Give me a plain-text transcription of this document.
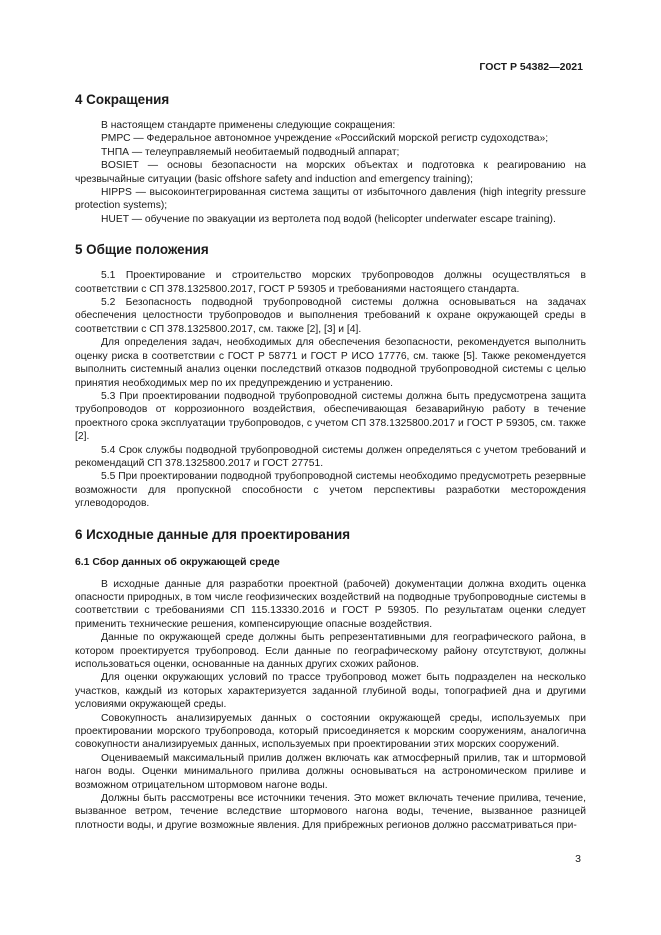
ГОСТ Р 54382—2021
4 Сокращения

В настоящем стандарте применены следующие сокращения:

РМРС — Федеральное автономное учреждение «Российский морской регистр судоходства»;

ТНПА — телеуправляемый необитаемый подводный аппарат;

BOSIET — основы безопасности на морских объектах и подготовка к реагированию на чрезвычайные ситуации (basic offshore safety and induction and emergency training);

HIPPS — высокоинтегрированная система защиты от избыточного давления (high integrity pressure protection systems);

HUET — обучение по эвакуации из вертолета под водой (helicopter underwater escape training).

5 Общие положения

5.1 Проектирование и строительство морских трубопроводов должны осуществляться в соответствии с СП 378.1325800.2017, ГОСТ Р 59305 и требованиями настоящего стандарта.

5.2 Безопасность подводной трубопроводной системы должна основываться на задачах обеспечения целостности трубопроводов и выполнения требований к охране окружающей среды в соответствии с СП 378.1325800.2017, см. также [2], [3] и [4].

Для определения задач, необходимых для обеспечения безопасности, рекомендуется выполнить оценку риска в соответствии с ГОСТ Р 58771 и ГОСТ Р ИСО 17776, см. также [5]. Также рекомендуется выполнить системный анализ оценки последствий отказов подводной трубопроводной системы с целью принятия необходимых мер по их предупреждению и устранению.

5.3 При проектировании подводной трубопроводной системы должна быть предусмотрена защита трубопроводов от коррозионного воздействия, обеспечивающая безаварийную работу в течение проектного срока эксплуатации трубопроводов, с учетом СП 378.1325800.2017 и ГОСТ Р 59305, см. также [2].

5.4 Срок службы подводной трубопроводной системы должен определяться с учетом требований и рекомендаций СП 378.1325800.2017 и ГОСТ 27751.

5.5 При проектировании подводной трубопроводной системы необходимо предусмотреть резервные возможности для пропускной способности с учетом перспективы разработки месторождения углеводородов.

6 Исходные данные для проектирования
6.1 Сбор данных об окружающей среде

В исходные данные для разработки проектной (рабочей) документации должна входить оценка опасности природных, в том числе геофизических воздействий на подводные трубопроводные системы в соответствии с требованиями СП 115.13330.2016 и ГОСТ Р 59305. По результатам оценки следует применить технические решения, компенсирующие опасные воздействия.

Данные по окружающей среде должны быть репрезентативными для географического района, в котором проектируется трубопровод. Если данные по географическому району отсутствуют, должны использоваться оценки, основанные на данных других схожих районов.

Для оценки окружающих условий по трассе трубопровод может быть подразделен на несколько участков, каждый из которых характеризуется заданной глубиной воды, топографией дна и другими условиями окружающей среды.

Совокупность анализируемых данных о состоянии окружающей среды, используемых при проектировании морского трубопровода, который присоединяется к морским сооружениям, аналогична совокупности анализируемых данных, используемых при проектировании этих морских сооружений.

Оцениваемый максимальный прилив должен включать как атмосферный прилив, так и штормовой нагон воды. Оценки минимального прилива должны основываться на астрономическом приливе и возможном отрицательном штормовом нагоне воды.

Должны быть рассмотрены все источники течения. Это может включать течение прилива, течение, вызванное ветром, течение вследствие штормового нагона воды, течение, вызванное разницей плотности воды, и другие возможные явления. Для прибрежных регионов должно рассматриваться при-

3
